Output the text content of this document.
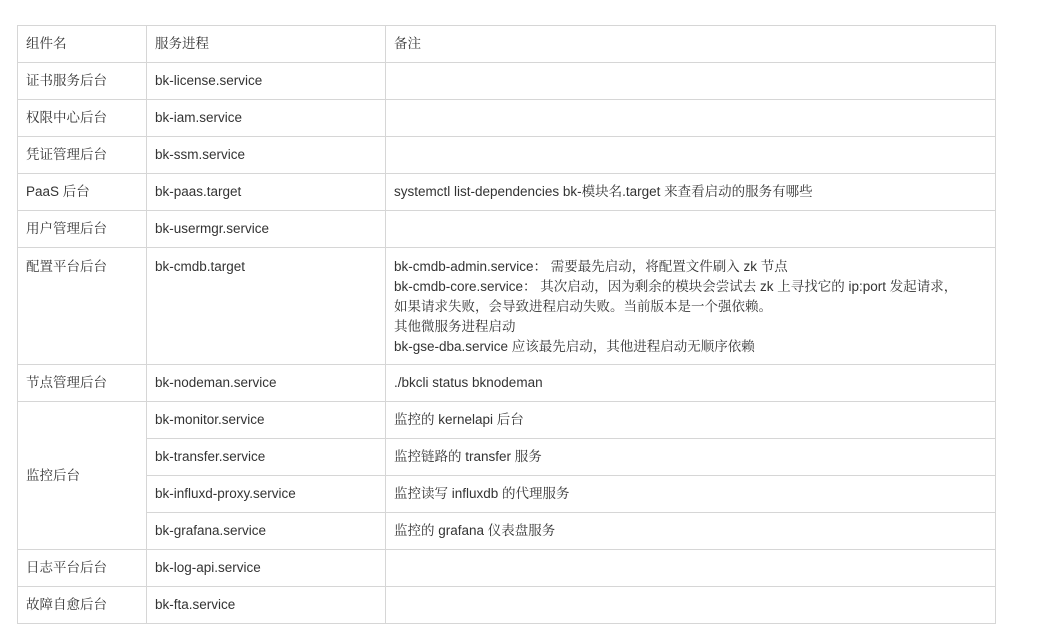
组件名	服务进程	备注
证书服务后台	bk-license.service	
权限中心后台	bk-iam.service	
凭证管理后台	bk-ssm.service	
PaaS 后台	bk-paas.target	systemctl list-dependencies bk-模块名.target 来查看启动的服务有哪些
用户管理后台	bk-usermgr.service	
配置平台后台	bk-cmdb.target	bk-cmdb-admin.service： 需要最先启动，将配置文件刷入 zk 节点
bk-cmdb-core.service： 其次启动，因为剩余的模块会尝试去 zk 上寻找它的 ip:port 发起请求，
如果请求失败，会导致进程启动失败。当前版本是一个强依赖。
其他微服务进程启动
bk-gse-dba.service 应该最先启动，其他进程启动无顺序依赖

节点管理后台	bk-nodeman.service	./bkcli status bknodeman
监控后台	bk-monitor.service	监控的 kernelapi 后台
	bk-transfer.service	监控链路的 transfer 服务
	bk-influxd-proxy.service	监控读写 influxdb 的代理服务
	bk-grafana.service	监控的 grafana 仪表盘服务
日志平台后台	bk-log-api.service	
故障自愈后台	bk-fta.service	
